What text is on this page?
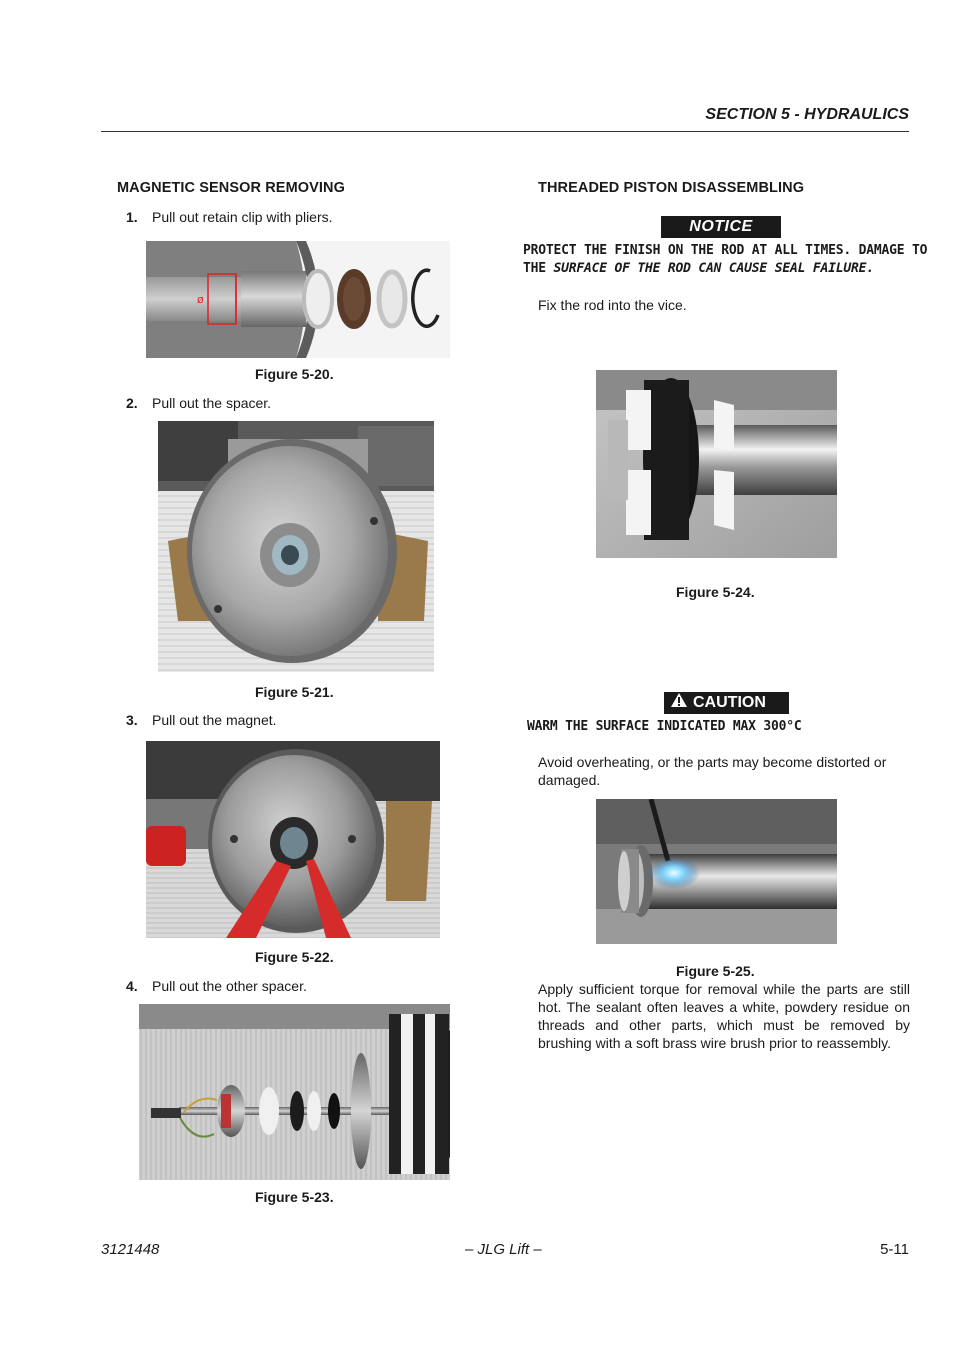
SECTION 5 - HYDRAULICS
MAGNETIC SENSOR REMOVING
1. Pull out retain clip with pliers.
ø
Figure 5-20.
2. Pull out the spacer.
Figure 5-21.
3. Pull out the magnet.
Figure 5-22.
4. Pull out the other spacer.
Figure 5-23.
THREADED PISTON DISASSEMBLING
NOTICE
PROTECT THE FINISH ON THE ROD AT ALL TIMES. DAMAGE TO
THE SURFACE OF THE ROD CAN CAUSE SEAL FAILURE.
Fix the rod into the vice.
Figure 5-24.
CAUTION
WARM THE SURFACE INDICATED MAX 300°C
Avoid overheating, or the parts may become distorted or
damaged.
Figure 5-25.
Apply sufficient torque for removal while the parts are still
hot. The sealant often leaves a white, powdery residue on
threads and other parts, which must be removed by
brushing with a soft brass wire brush prior to reassembly.
3121448	– JLG Lift –	5-11
